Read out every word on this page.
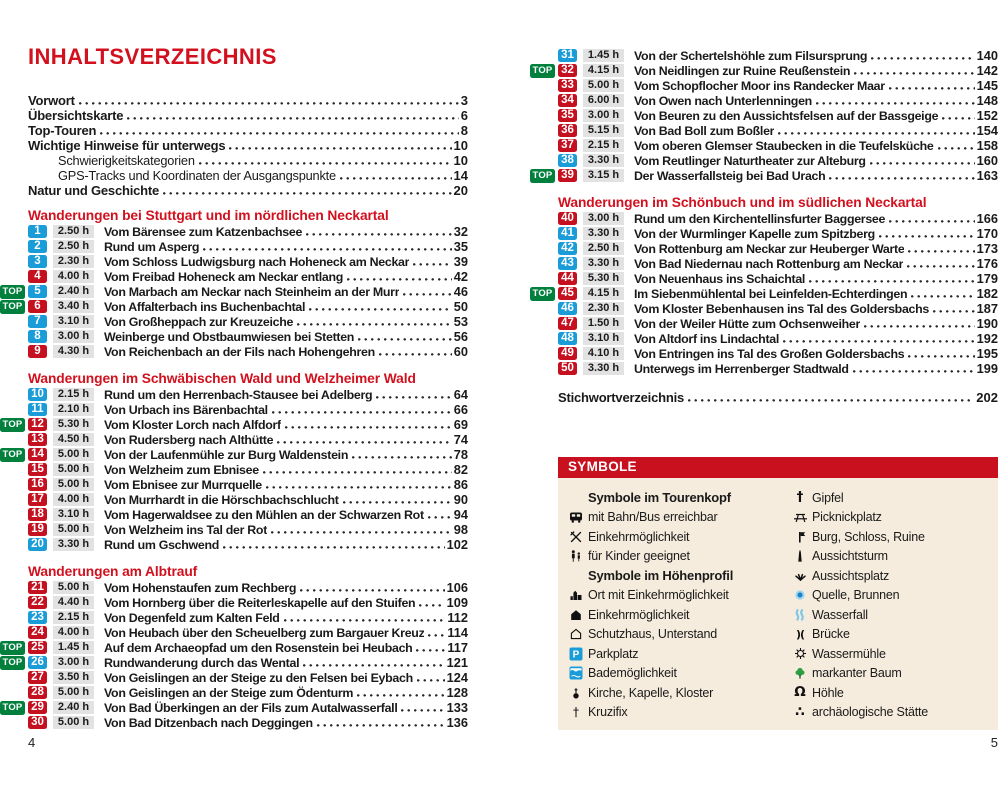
INHALTSVERZEICHNIS
Vorwort	3
Übersichtskarte	6
Top-Touren	8
Wichtige Hinweise für unterwegs	10
Schwierigkeitskategorien	10
GPS-Tracks und Koordinaten der Ausgangspunkte	14
Natur und Geschichte	20
Wanderungen bei Stuttgart und im nördlichen Neckartal
1	2.50 h	Vom Bärensee zum Katzenbachsee	32
2	2.50 h	Rund um Asperg	35
3	2.30 h	Vom Schloss Ludwigsburg nach Hoheneck am Neckar	39
4	4.00 h	Vom Freibad Hoheneck am Neckar entlang	42
TOP	5	2.40 h	Von Marbach am Neckar nach Steinheim an der Murr	46
TOP	6	3.40 h	Von Affalterbach ins Buchenbachtal	50
7	3.10 h	Von Großheppach zur Kreuzeiche	53
8	3.00 h	Weinberge und Obstbaumwiesen bei Stetten	56
9	4.30 h	Von Reichenbach an der Fils nach Hohengehren	60
Wanderungen im Schwäbischen Wald und Welzheimer Wald
10	2.15 h	Rund um den Herrenbach-Stausee bei Adelberg	64
11	2.10 h	Von Urbach ins Bärenbachtal	66
TOP 12	5.30 h	Vom Kloster Lorch nach Alfdorf	69
13	4.50 h	Von Rudersberg nach Althütte	74
TOP 14	5.00 h	Von der Laufenmühle zur Burg Waldenstein	78
15	5.00 h	Von Welzheim zum Ebnisee	82
16	5.00 h	Vom Ebnisee zur Murrquelle	86
17	4.00 h	Von Murrhardt in die Hörschbachschlucht	90
18	3.10 h	Vom Hagerwaldsee zu den Mühlen an der Schwarzen Rot 94
19	5.00 h	Von Welzheim ins Tal der Rot	98
20	3.30 h	Rund um Gschwend	102
Wanderungen am Albtrauf
21	5.00 h	Vom Hohenstaufen zum Rechberg	106
22	4.40 h	Vom Hornberg über die Reiterleskapelle auf den Stuifen 109
23	2.15 h	Von Degenfeld zum Kalten Feld	112
24	4.00 h	Von Heubach über den Scheuelberg zum Bargauer Kreuz 114
TOP 25	1.45 h	Auf dem Archaeopfad um den Rosenstein bei Heubach	117
TOP 26	3.00 h	Rundwanderung durch das Wental	121
27	3.50 h	Von Geislingen an der Steige zu den Felsen bei Eybach	124
28	5.00 h	Von Geislingen an der Steige zum Ödenturm	128
TOP 29	2.40 h	Von Bad Überkingen an der Fils zum Autalwasserfall	133
30	5.00 h	Von Bad Ditzenbach nach Deggingen	136
4
31	1.45 h	Von der Schertelshöhle zum Filsursprung	140
TOP 32	4.15 h	Von Neidlingen zur Ruine Reußenstein	142
33	5.00 h	Vom Schopflocher Moor ins Randecker Maar	145
34	6.00 h	Von Owen nach Unterlenningen	148
35	3.00 h	Von Beuren zu den Aussichtsfelsen auf der Bassgeige	152
36	5.15 h	Von Bad Boll zum Boßler	154
37	2.15 h	Vom oberen Glemser Staubecken in die Teufelsküche	158
38	3.30 h	Vom Reutlinger Naturtheater zur Alteburg	160
TOP 39	3.15 h	Der Wasserfallsteig bei Bad Urach	163
Wanderungen im Schönbuch und im südlichen Neckartal
40	3.00 h	Rund um den Kirchentellinsfurter Baggersee	166
41	3.30 h	Von der Wurmlinger Kapelle zum Spitzberg	170
42	2.50 h	Von Rottenburg am Neckar zur Heuberger Warte	173
43	3.30 h	Von Bad Niedernau nach Rottenburg am Neckar	176
44	5.30 h	Von Neuenhaus ins Schaichtal	179
TOP 45	4.15 h	Im Siebenmühlental bei Leinfelden-Echterdingen	182
46	2.30 h	Vom Kloster Bebenhausen ins Tal des Goldersbachs	187
47	1.50 h	Von der Weiler Hütte zum Ochsenweiher	190
48	3.10 h	Von Altdorf ins Lindachtal	192
49	4.10 h	Von Entringen ins Tal des Großen Goldersbachs	195
50	3.30 h	Unterwegs im Herrenberger Stadtwald	199
Stichwortverzeichnis	202
SYMBOLE
Symbole im Tourenkopf
mit Bahn/Bus erreichbar
Einkehrmöglichkeit
für Kinder geeignet
Symbole im Höhenprofil
Ort mit Einkehrmöglichkeit
Einkehrmöglichkeit
Schutzhaus, Unterstand
P Parkplatz
Bademöglichkeit
Kirche, Kapelle, Kloster
† Kruzifix
† Gipfel
Picknickplatz
Burg, Schloss, Ruine
Aussichtsturm
Aussichtsplatz
Quelle, Brunnen
Wasserfall
)( Brücke
Wassermühle
markanter Baum
Ω Höhle
∴ archäologische Stätte
5
